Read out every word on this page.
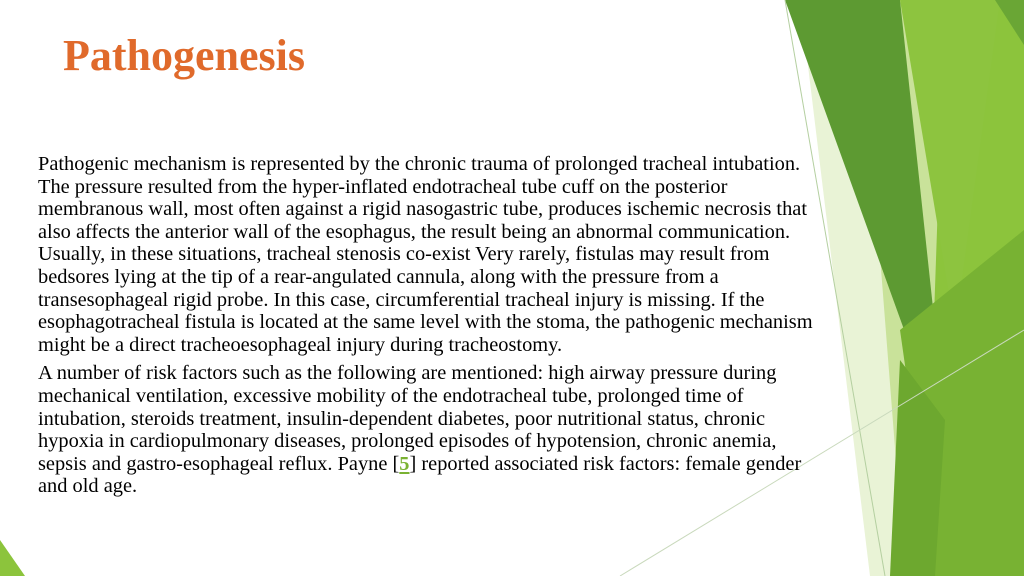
Pathogenesis

Pathogenic mechanism is represented by the chronic trauma of prolonged tracheal intubation. The pressure resulted from the hyper-inflated endotracheal tube cuff on the posterior membranous wall, most often against a rigid nasogastric tube, produces ischemic necrosis that also affects the anterior wall of the esophagus, the result being an abnormal communication. Usually, in these situations, tracheal stenosis co-exist Very rarely, fistulas may result from bedsores lying at the tip of a rear-angulated cannula, along with the pressure from a transesophageal rigid probe. In this case, circumferential tracheal injury is missing. If the esophagotracheal fistula is located at the same level with the stoma, the pathogenic mechanism might be a direct tracheoesophageal injury during tracheostomy.

A number of risk factors such as the following are mentioned: high airway pressure during mechanical ventilation, excessive mobility of the endotracheal tube, prolonged time of intubation, steroids treatment, insulin-dependent diabetes, poor nutritional status, chronic hypoxia in cardiopulmonary diseases, prolonged episodes of hypotension, chronic anemia, sepsis and gastro-esophageal reflux. Payne [5] reported associated risk factors: female gender and old age.
